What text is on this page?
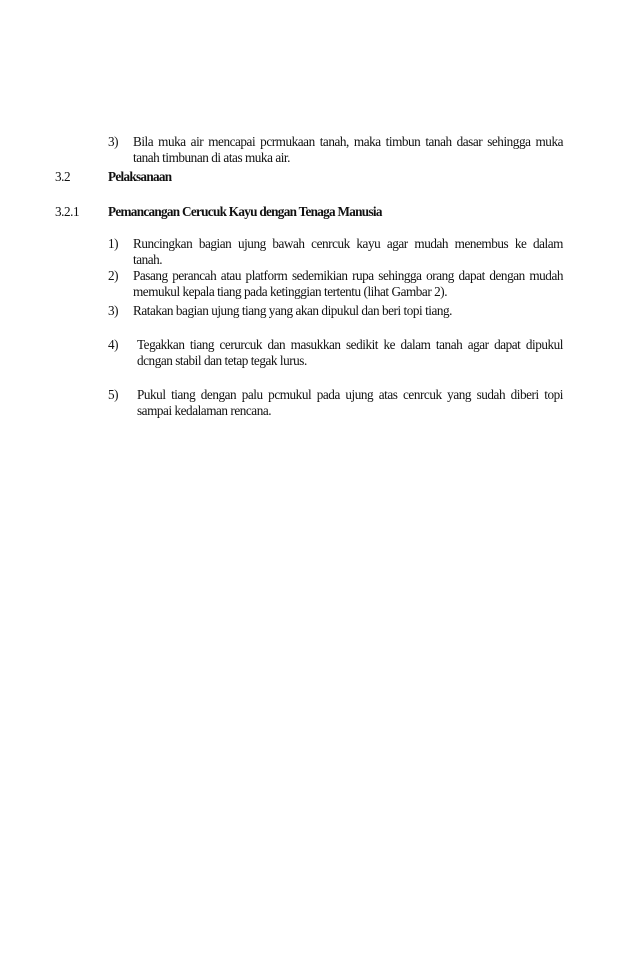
3)	Bila muka air mencapai pcrmukaan tanah, maka timbun tanah dasar sehingga muka
tanah timbunan di atas muka air.
3.2	Pelaksanaan
3.2.1 Pemancangan Cerucuk Kayu dengan Tenaga Manusia
1)	Runcingkan bagian ujung bawah cenrcuk kayu agar mudah menembus ke dalam
tanah.
2)	Pasang perancah atau platform sedemikian rupa sehingga orang dapat dengan mudah
memukul kepala tiang pada ketinggian tertentu (lihat Gambar 2).
3)	Ratakan bagian ujung tiang yang akan dipukul dan beri topi tiang.
4)	Tegakkan tiang cerurcuk dan masukkan sedikit ke dalam tanah agar dapat dipukul
dcngan stabil dan tetap tegak lurus.
5)	Pukul tiang dengan palu pcmukul pada ujung atas cenrcuk yang sudah diberi topi
sampai kedalaman rencana.
